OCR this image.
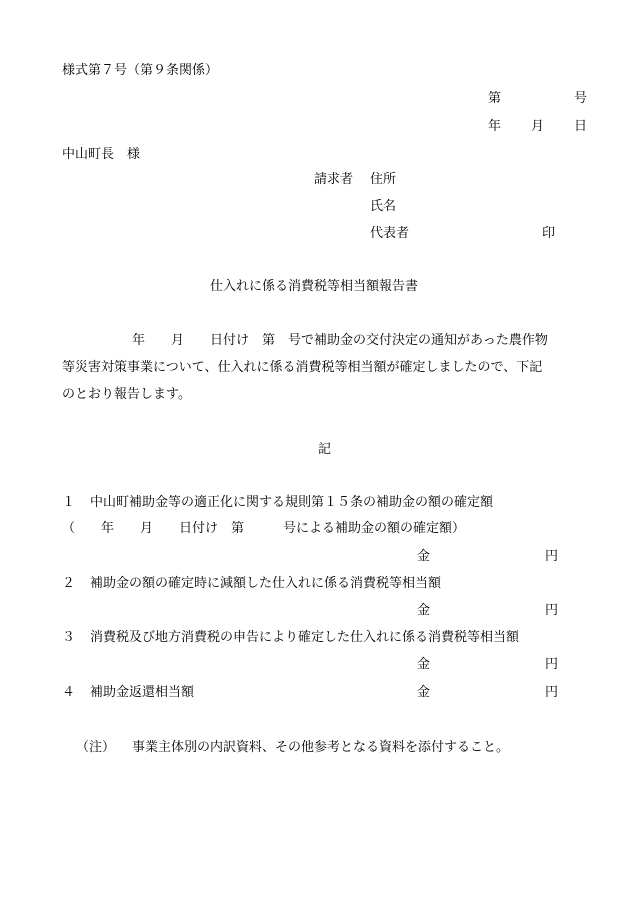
様式第７号（第９条関係）
第	号
年 月 日
中山町長　様
請求者 住所
氏名
代表者	印
仕入れに係る消費税等相当額報告書
年　　月　　日付け　第　号で補助金の交付決定の通知があった農作物
等災害対策事業について、仕入れに係る消費税等相当額が確定しましたので、下記
のとおり報告します。
記
１ 中山町補助金等の適正化に関する規則第１５条の補助金の額の確定額
（　　年　　月　　日付け　第　　　号による補助金の額の確定額）
金	円
２ 補助金の額の確定時に減額した仕入れに係る消費税等相当額
金	円
３ 消費税及び地方消費税の申告により確定した仕入れに係る消費税等相当額
金	円
４ 補助金返還相当額	金	円
（注） 事業主体別の内訳資料、その他参考となる資料を添付すること。
